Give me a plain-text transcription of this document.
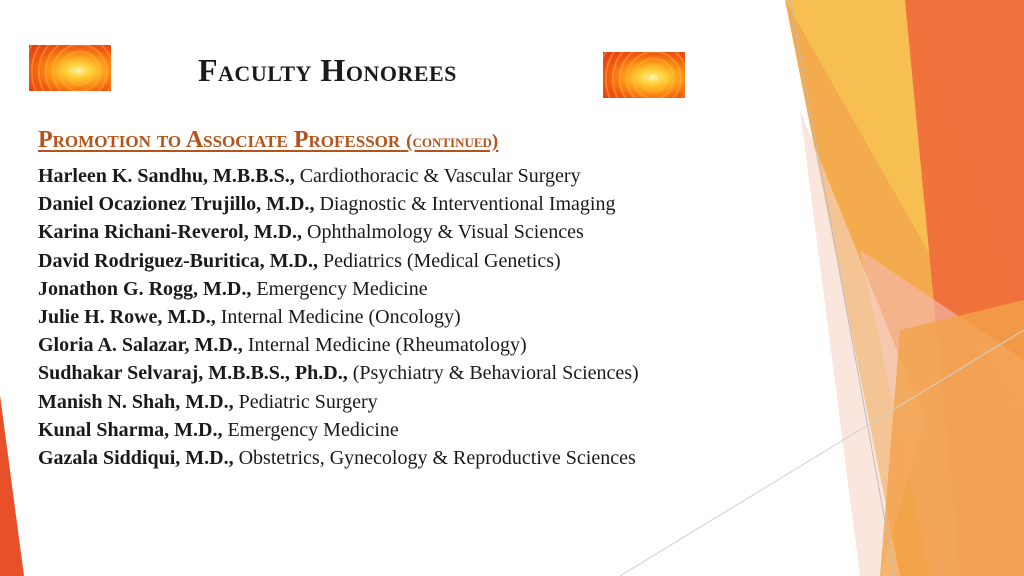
Faculty Honorees
Promotion to Associate Professor (continued)
Harleen K. Sandhu, M.B.B.S., Cardiothoracic & Vascular Surgery
Daniel Ocazionez Trujillo, M.D., Diagnostic & Interventional Imaging
Karina Richani-Reverol, M.D., Ophthalmology & Visual Sciences
David Rodriguez-Buritica, M.D., Pediatrics (Medical Genetics)
Jonathon G. Rogg, M.D., Emergency Medicine
Julie H. Rowe, M.D., Internal Medicine (Oncology)
Gloria A. Salazar, M.D., Internal Medicine (Rheumatology)
Sudhakar Selvaraj, M.B.B.S., Ph.D., (Psychiatry & Behavioral Sciences)
Manish N. Shah, M.D., Pediatric Surgery
Kunal Sharma, M.D., Emergency Medicine
Gazala Siddiqui, M.D., Obstetrics, Gynecology & Reproductive Sciences
